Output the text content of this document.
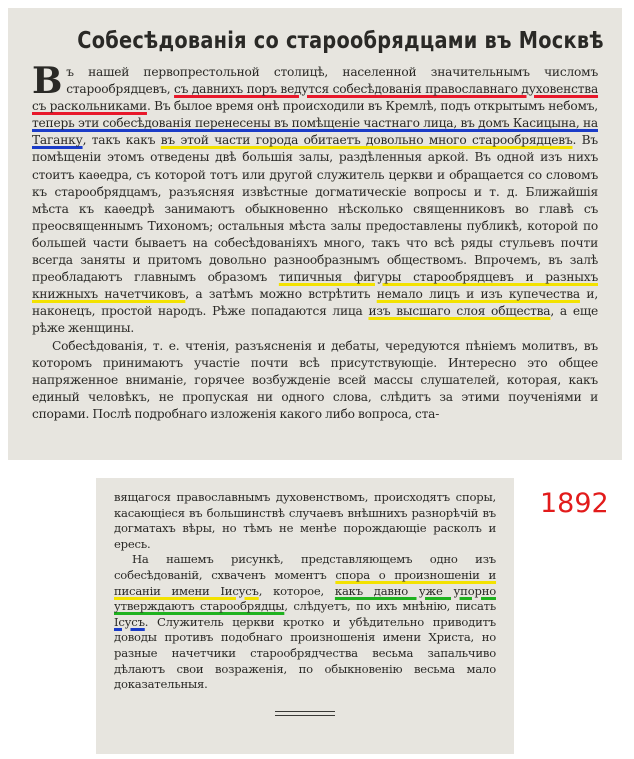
Собесѣдованія со старообрядцами въ Москвѣ

Въ нашей первопрестольной столицѣ, населенной значительнымъ числомъ старообрядцевъ, съ давнихъ поръ ведутся собесѣдованія православнаго духовенства съ раскольниками. Въ былое время онѣ происходили въ Кремлѣ, подъ открытымъ небомъ, теперь эти собесѣдованія перенесены въ помѣщеніе частнаго лица, въ домъ Касицына, на Таганку, такъ какъ въ этой части города обитаетъ довольно много старообрядцевъ. Въ помѣщеніи этомъ отведены двѣ большія залы, раздѣленныя аркой. Въ одной изъ нихъ стоитъ каѳедра, съ которой тотъ или другой служитель церкви и обращается со словомъ къ старообрядцамъ, разъясняя извѣстные догматическіе вопросы и т. д. Ближайшія мѣста къ каѳедрѣ занимаютъ обыкновенно нѣсколько священниковъ во главѣ съ преосвященнымъ Тихономъ; остальныя мѣста залы предоставлены публикѣ, которой по большей части бываетъ на собесѣдованіяхъ много, такъ что всѣ ряды стульевъ почти всегда заняты и притомъ довольно разнообразнымъ обществомъ. Впрочемъ, въ залѣ преобладаютъ главнымъ образомъ типичныя фигуры старообрядцевъ и разныхъ книжныхъ начетчиковъ, а затѣмъ можно встрѣтить немало лицъ и изъ купечества и, наконецъ, простой народъ. Рѣже попадаются лица изъ высшаго слоя общества, а еще рѣже женщины.

Собесѣдованія, т. е. чтенія, разъясненія и дебаты, чередуются пѣніемъ молитвъ, въ которомъ принимаютъ участіе почти всѣ присутствующіе. Интересно это общее напряженное вниманіе, горячее возбужденіе всей массы слушателей, которая, какъ единый человѣкъ, не пропуская ни одного слова, слѣдитъ за этими поученіями и спорами. Послѣ подробнаго изложенія какого либо вопроса, ста-

вящагося православнымъ духовенствомъ, происходятъ споры, касающіеся въ большинствѣ случаевъ внѣшнихъ разнорѣчій въ догматахъ вѣры, но тѣмъ не менѣе порождающіе расколъ и ересь.

На нашемъ рисункѣ, представляющемъ одно изъ собесѣдованій, схваченъ моментъ спора о произношеніи и писаніи имени Іисусъ, которое, какъ давно уже упорно утверждаютъ старообрядцы, слѣдуетъ, по ихъ мнѣнію, писать Ісусъ. Служитель церкви кротко и убѣдительно приводитъ доводы противъ подобнаго произношенія имени Христа, но разные начетчики старообрядчества весьма запальчиво дѣлаютъ свои возраженія, по обыкновенію весьма мало доказательныя.

1892
